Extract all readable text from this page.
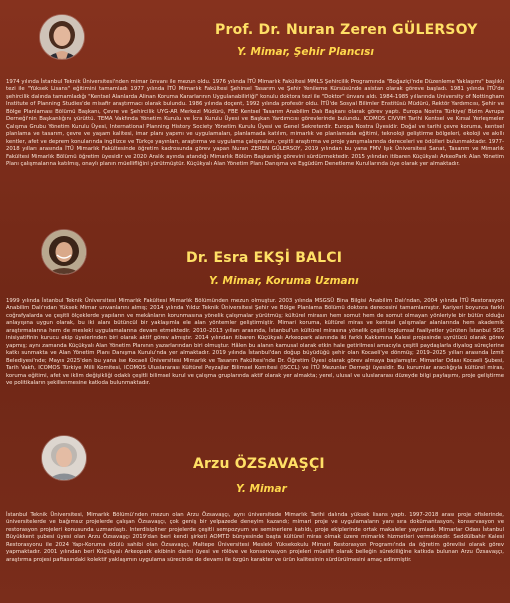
Prof. Dr. Nuran Zeren GÜLERSOY
Y. Mimar, Şehir Plancısı
1974 yılında İstanbul Teknik Üniversitesi'nden mimar ünvanı ile mezun oldu. 1976 yılında İTÜ Mimarlık Fakültesi MMLS Şehircilik Programında "Boğaziçi'nde Düzenleme Yaklaşımı" başlıklı tezi ile "Yüksek Lisans" eğitimini tamamladı 1977 yılında İTÜ Mimarlık Fakültesi Şehirsel Tasarım ve Şehir Yenileme Kürsüsünde asistan olarak göreve başladı. 1981 yılında İTÜ'de şehircilik dalında tamamladığı "Kentsel Alanlarda Alinan Koruma Kararlarının Uygulanabilirliği" konulu doktora tezi ile "Doktor" ünvanı aldı. 1984-1985 yıllarında University of Nottingham Institute of Planning Studies'de misafir araştırmacı olarak bulundu. 1986 yılında doçent, 1992 yılında profesör oldu. İTÜ'de Sosyal Bilimler Enstitüsü Müdürü, Rektör Yardımcısı, Şehir ve Bölge Planlaması Bölümü Başkanı, Çevre ve Şehircilik UYG-AR Merkezi Müdürü, FBE Kentsel Tasarım Anabilim Dalı Başkanı olarak görev yaptı. Europa Nostra Türkiye/ Bizim Avrupa Derneği'nin Başkanlığını yürüttü. TEMA Vakfında Yönetim Kurulu ve İcra Kurulu Üyesi ve Başkan Yardımcısı görevlerinde bulundu. ICOMOS CIVVIH Tarihi Kentsel ve Kırsal Yerleşmeler Çalışma Grubu Yönetim Kurulu Üyesi, International Planning History Society Yönetim Kurulu Üyesi ve Genel Sekreterdir. Europa Nostra Üyesidir. Doğal ve tarihi çevre koruma, kentsel planlama ve tasarım, çevre ve yaşam kalitesi, imar planı yapımı ve uygulamaları, planlamada katılım, mimarlık ve planlamada eğitimi, teknoloji geliştirme bölgeleri, ekoloji ve akıllı kentler, afet ve deprem konularında ingilizce ve Türkçe yayınları, araştırma ve uygulama çalışmaları, çeşitli araştırma ve proje yarışmalarında dereceleri ve ödülleri bulunmaktadır. 1977-2018 yılları arasında İTÜ Mimarlık Fakültesinde öğretim kadrosunda görev yapan Nuran ZEREN GÜLERSOY, 2019 yılından bu yana FMV Işık Üniversitesi Sanat, Tasarım ve Mimarlık Fakültesi Mimarlık Bölümü öğretim üyesidir ve 2020 Aralık ayında atandığı Mimarlık Bölüm Başkanlığı görevini sürdürmektedir. 2015 yılından itibaren Küçükyalı ArkeoPark Alan Yönetim Planı çalışmalarına katılmış, onaylı planın müellifliğini yürütmüştür. Küçükyalı Alan Yönetim Planı Danışma ve Eşgüdüm Denetleme Kurullarında üye olarak yer almaktadır.
Dr. Esra EKŞİ BALCI
Y. Mimar, Koruma Uzmanı
1999 yılında İstanbul Teknik Üniversitesi Mimarlık Fakültesi Mimarlık Bölümünden mezun olmuştur. 2003 yılında MSGSÜ Bina Bilgisi Anabilim Dalı'ndan, 2004 yılında İTÜ Restorasyon Anabilim Dalı'ndan Yüksek Mimar unvanlarını almış; 2014 yılında Yıldız Teknik Üniversitesi Şehir ve Bölge Planlama Bölümü doktora derecesini tamamlamıştır. Kariyeri boyunca farklı coğrafyalarda ve çeşitli ölçeklerde yapıların ve mekânların korunmasına yönelik çalışmalar yürütmüş; kültürel mirasın hem somut hem de somut olmayan yönleriyle bir bütün olduğu anlayışına uygun olarak, bu iki alanı bütüncül bir yaklaşımla ele alan yöntemler geliştirmiştir. Mimari koruma, kültürel miras ve kentsel çalışmalar alanlarında hem akademik araştırmalarına hem de mesleki uygulamalarına devam etmektedir. 2010–2013 yılları arasında, İstanbul'un kültürel mirasına yönelik çeşitli toplumsal faaliyetler yürüten İstanbul SOS inisiyatifinin kurucu ekip üyelerinden biri olarak aktif görev almıştır. 2014 yılından itibaren Küçükyalı Arkeopark alanında iki farklı Kakkımına Kalesi projesinde uyrütücü olarak görev yapmış; aynı zamanda Küçükyalı Alan Yönetim Planının yazarlarından biri olmuştur. Hâlen bu alanın kamusal olarak etkin hale getirilmesi amacıyla çeşitli paydaşlarla diyalog süreçlerine katkı sunmakta ve Alan Yönetim Planı Danışma Kurulu'nda yer almaktadır. 2019 yılında İstanbul'dan doğup büyüdüğü şehir olan Kocaeli'ye dönmüş; 2019–2025 yılları arasında İzmit Belediyesi'nde; Mayıs 2025'den bu yana ise Kocaeli Üniversitesi Mimarlık ve Tasarım Fakültesi'nde Dr. Öğretim Üyesi olarak görev almaya başlamıştır. Mimarlar Odası Kocaeli Şubesi, Tarih Vakfı, ICOMOS Türkiye Milli Komitesi, ICOMOS Uluslararası Kültürel Peyzajlar Bilimsel Komitesi (ISCCL) ve İTÜ Mezunlar Derneği üyesidir. Bu kurumlar aracılığıyla kültürel miras, koruma eğitimi, afet ve iklim değişikliği odaklı çeşitli bilimsel kurul ve çalışma gruplarında aktif olarak yer almakta; yerel, ulusal ve uluslararası düzeyde bilgi paylaşımı, proje geliştirme ve politikaların şekillenmesine katkıda bulunmaktadır.
Arzu ÖZSAVAŞÇI
Y. Mimar
İstanbul Teknik Üniversitesi, Mimarlık Bölümü'nden mezun olan Arzu Özsavaşçı, aynı üniversitede Mimarlık Tarihi dalında yüksek lisans yaptı. 1997-2018 arası proje ofislerinde, üniversitelerde ve bağımsız projelerde çalışan Özsavaşçı, çok geniş bir yelpazede deneyim kazandı; mimari proje ve uygulamaların yanı sıra dokümantasyon, konservasyon ve restorasyon projeleri konusunda uzmanlaştı. Interdisipliner projelerde çeşitli sempozyum ve seminerlere katıldı, proje ekiplerinde ortak makaleler yayımladı. Mimarlar Odası İstanbul Büyükkent şubesi üyesi olan Arzu Özsavaşçı 2019'dan beri kendi şirketi AOMTD bünyesinde başta kültürel miras olmak üzere mimarlık hizmetleri vermektedir. Seddülbahir Kalesi Restorasyonu ile 2024 Yapı-Koruma ödülü sahibi olan Özsavaşçı, Maltepe Üniversitesi Mesleki Yüksekokulu Mimari Restorasyon Programı'nda da öğretim görevlisi olarak görev yapmaktadır. 2001 yılından beri Küçükyalı Arkeopark ekibinin daimi üyesi ve rölöve ve konservasyon projeleri müellifi olarak belleğin sürekliliğine katkıda bulunan Arzu Özsavaşçı, araştırma projesi paftasındaki kolektif yaklaşımın uygulama sürecinde de devamı ile özgün karakter ve ürün kalitesinin sürdürülmesini amaç edinmiştir.
